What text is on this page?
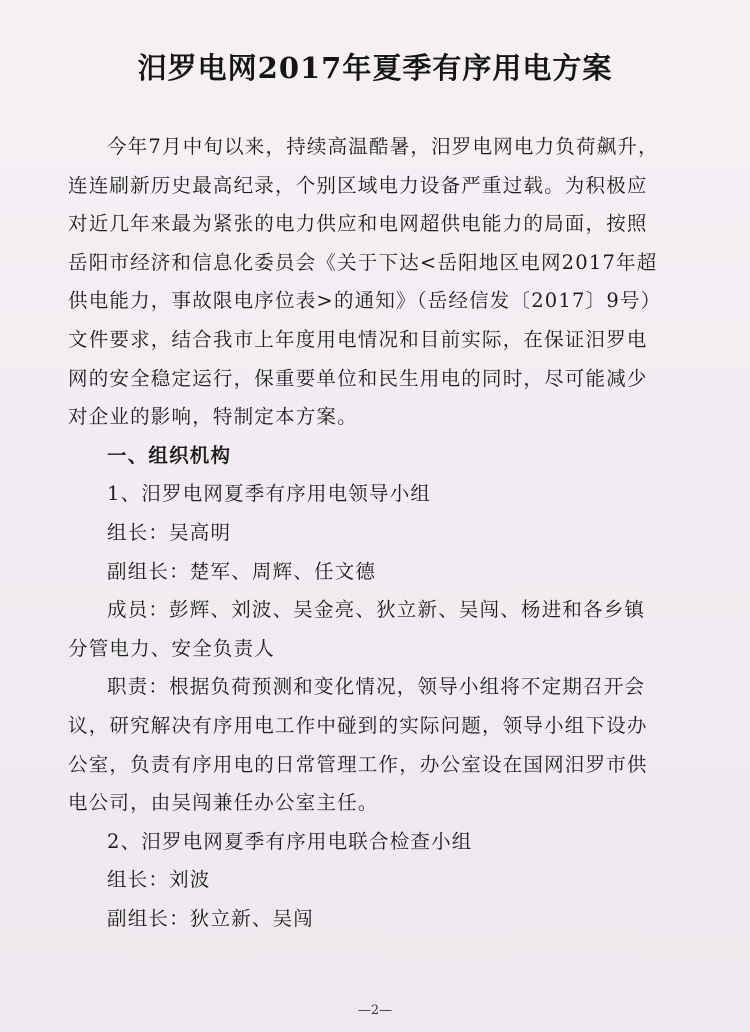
汨罗电网2017年夏季有序用电方案
今年7月中旬以来，持续高温酷暑，汨罗电网电力负荷飙升，
连连刷新历史最高纪录，个别区域电力设备严重过载。为积极应
对近几年来最为紧张的电力供应和电网超供电能力的局面，按照
岳阳市经济和信息化委员会《关于下达<岳阳地区电网2017年超
供电能力，事故限电序位表>的通知》（岳经信发〔2017〕9号）
文件要求，结合我市上年度用电情况和目前实际，在保证汨罗电
网的安全稳定运行，保重要单位和民生用电的同时，尽可能减少
对企业的影响，特制定本方案。
一、组织机构
1、汨罗电网夏季有序用电领导小组
组长：吴高明
副组长：楚军、周辉、任文德
成员：彭辉、刘波、吴金亮、狄立新、吴闯、杨进和各乡镇
分管电力、安全负责人
职责：根据负荷预测和变化情况，领导小组将不定期召开会
议，研究解决有序用电工作中碰到的实际问题，领导小组下设办
公室，负责有序用电的日常管理工作，办公室设在国网汨罗市供
电公司，由吴闯兼任办公室主任。
2、汨罗电网夏季有序用电联合检查小组
组长：刘波
副组长：狄立新、吴闯
—2—
